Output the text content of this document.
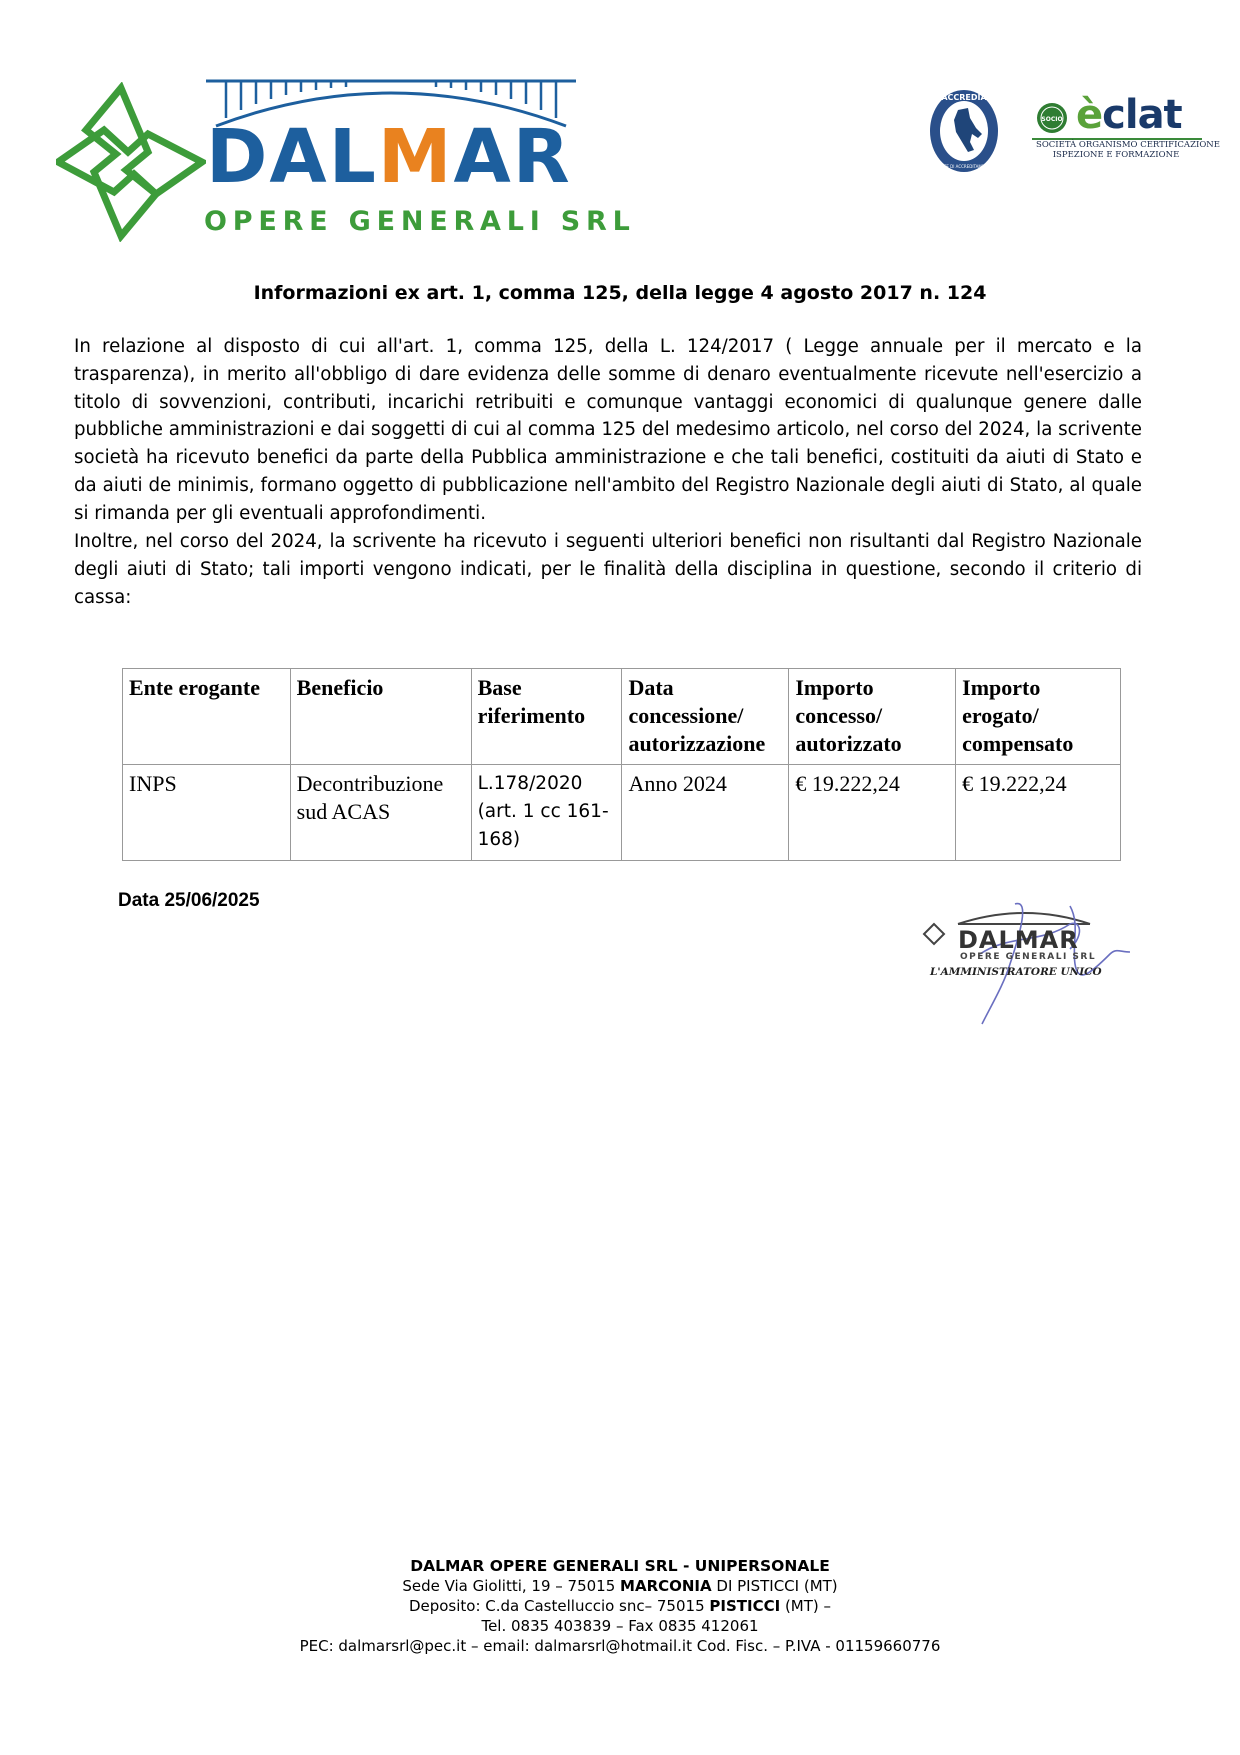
DALMAR
OPERE GENERALI SRL
ACCREDIA
L'ENTE DI ACCREDITAMENTO
SOCIO èclat
SOCIETÀ ORGANISMO CERTIFICAZIONE
ISPEZIONE E FORMAZIONE
Informazioni ex art. 1, comma 125, della legge 4 agosto 2017 n. 124
In relazione al disposto di cui all'art. 1, comma 125, della L. 124/2017 ( Legge annuale per il mercato e la trasparenza), in merito all'obbligo di dare evidenza delle somme di denaro eventualmente ricevute nell'esercizio a titolo di sovvenzioni, contributi, incarichi retribuiti e comunque vantaggi economici di qualunque genere dalle pubbliche amministrazioni e dai soggetti di cui al comma 125 del medesimo articolo, nel corso del 2024, la scrivente società ha ricevuto benefici da parte della Pubblica amministrazione e che tali benefici, costituiti da aiuti di Stato e da aiuti de minimis, formano oggetto di pubblicazione nell'ambito del Registro Nazionale degli aiuti di Stato, al quale si rimanda per gli eventuali approfondimenti.
Inoltre, nel corso del 2024, la scrivente ha ricevuto i seguenti ulteriori benefici non risultanti dal Registro Nazionale degli aiuti di Stato; tali importi vengono indicati, per le finalità della disciplina in questione, secondo il criterio di cassa:
Ente erogante	Beneficio	Base riferimento	Data concessione/ autorizzazione	Importo concesso/ autorizzato	Importo erogato/ compensato
INPS	Decontribuzione sud ACAS	L.178/2020 (art. 1 cc 161-168)	Anno 2024	€ 19.222,24	€ 19.222,24
Data 25/06/2025
DALMAR
OPERE GENERALI SRL
L'AMMINISTRATORE UNICO
DALMAR OPERE GENERALI SRL - UNIPERSONALE
Sede Via Giolitti, 19 – 75015 MARCONIA DI PISTICCI (MT)
Deposito: C.da Castelluccio snc– 75015 PISTICCI (MT) –
Tel. 0835 403839 – Fax 0835 412061
PEC: dalmarsrl@pec.it – email: dalmarsrl@hotmail.it Cod. Fisc. – P.IVA - 01159660776
